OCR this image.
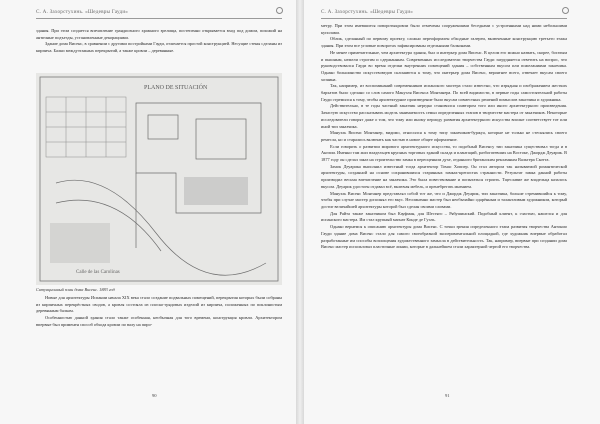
С. А. Захорстухинь. «Шедевры Гауди»

здания. При этом создается впечатление грандиозного храмного зрелища, постепенно открывается вход под домом, похожий на античные подъезды, установленные декорациями.

Здание дома Висенс, в сравнении с другими постройками Гауди, отличается простой конструкцией. Несущие стены сделаны из кирпича. Балки междуэтажных перекрытий, а также кровли – деревянные.

PLANO DE SITUACIÓN
Calle de las Carolinas
Ситуационный план дома Висенс. 1883 год

Новые для архитектуры Испании начала XIX века стало создание подвальных помещений, перекрытия которых были собраны из кирпичных перекрёстных сводов, а кровля состояла из плоско-грядовых изделий из кирпича, положенных по поклонистым деревянным балкам.

Особенностью данной здания стало также особенная, необычная для того времени, конструкция кровли. Архитектором впервые был применен способ обхода кровли по валу на пиро-

90
С. А. Захорстухинь. «Шедевры Гауди»

метру. При этом имевшиеся поворотыкровли было отмечены сооружениями беседками с устроенными над ними небольшими куполами.

Облик, сделанный по первому проекту, сложно переоформлен обходные галереи, включенные конструкцию третьего этажа здания. При этом все угловые поворотах зафиксированы отдельными балконами.

Не менее примечательные, чем архитектура здания, был и интерьер дома Висенс. В целом его можно назвать, скорее, богатым и пышным, нежели строгим и сдержанным. Современных исследователи творчества Гауди загрудняется ответить на вопрос, что руководствовался Гауди во время отделки внутренних помещений здания – собственным вкусом или пожеланиями заказчика. Однако большинство искусствоведов склоняются к тому, что интерьер дома Висенс, вероятнее всего, отвечает вкусам своего хозяина.

Так, например, из воспоминаний современников испанского мастера стало известно, что изрядная и изображением жестких бархатов было сделано со слов самого Мануэля Висенса Монтанера. По всей видимости, в первые годы самостоятельной работы Гауди стремился к тому, чтобы архитектурное произведение было вкусам совместных решений помыслов заказчика и художника.

Действительно, в те годы частный заказчик нередко становился соавтором того или иного архитектурного произведения. Зачастую искусство рассказывать модель занимаемость семьи определенных этапов в творчестве мастера от заказчиков. Некоторые исследователи говорят даже о том, что тому или иному периоду развития архитектурного искусства вполне соответствует тот или иной тип заказчика.

Мануэль Висенс Монтанер, видимо, относился к тому типу заказчиков-буржуа, которые не только не стеснялись своего ремесла, но и старались включать как частью в новое общее оформление.

Если говорить о развитии мирового архитектурного искусства, то подобный Висенсу тип заказчика существовал тогда и в Англии. Именно там жил владельцев крупных торговых зданий склада и плантаций, разбогатевших на Востоке, Джордж Деуарик. В 1877 году он сделал заказ на строительство замка в переоценном духе, отданного британским рекламным Вальтера Скотта.

Замок Деуарика выполнил известный тогда архитектор Томас Хоппер. Он стал автором так называемой романтической архитектуры, созданной на основе сохранившихся старинных замках-крепостях странности. Результат замка данной работы производил весьма впечатление на заказчика. Это была повествование и попытаться строить. Тщеславие же владельца казалось вкусом. Деуарик удостоен отдавал всё, включая мебель, и пренебрегать мнением.

Мануэль Висенс Монтанер представлял собой тот же, что и Джордж Деуарик, тип заказчика, больше стремившийся к тому, чтобы при случае мастер дополнял его вкус. Несомненно мастер был необычайно одарённым и талантливым художником, который достиг величайшей архитектуры которой был сделан своими словами.

Для Райта также заказчиком был Кауфман, для Шестяго – Рябушинский. Подобный клиент, к счастью, нашелся и для испанского мастера. Им стал крупный магнат Конде де Гуэль.

Однако вернемся к описанию архитектуры дома Висенс. С точки зрения определенного этапа развития творчества Антонио Гауди здание дома Висенс стало для самого своеобразной экспериментальной площадкой, где художник впервые обработал разработанные им способы воплощения художественного замысла в действительность. Так, например, впервые при создании дома Висенс мастер использовал пластичные линии, которые в дальнейшем стали характерной чертой его творчества.

91
